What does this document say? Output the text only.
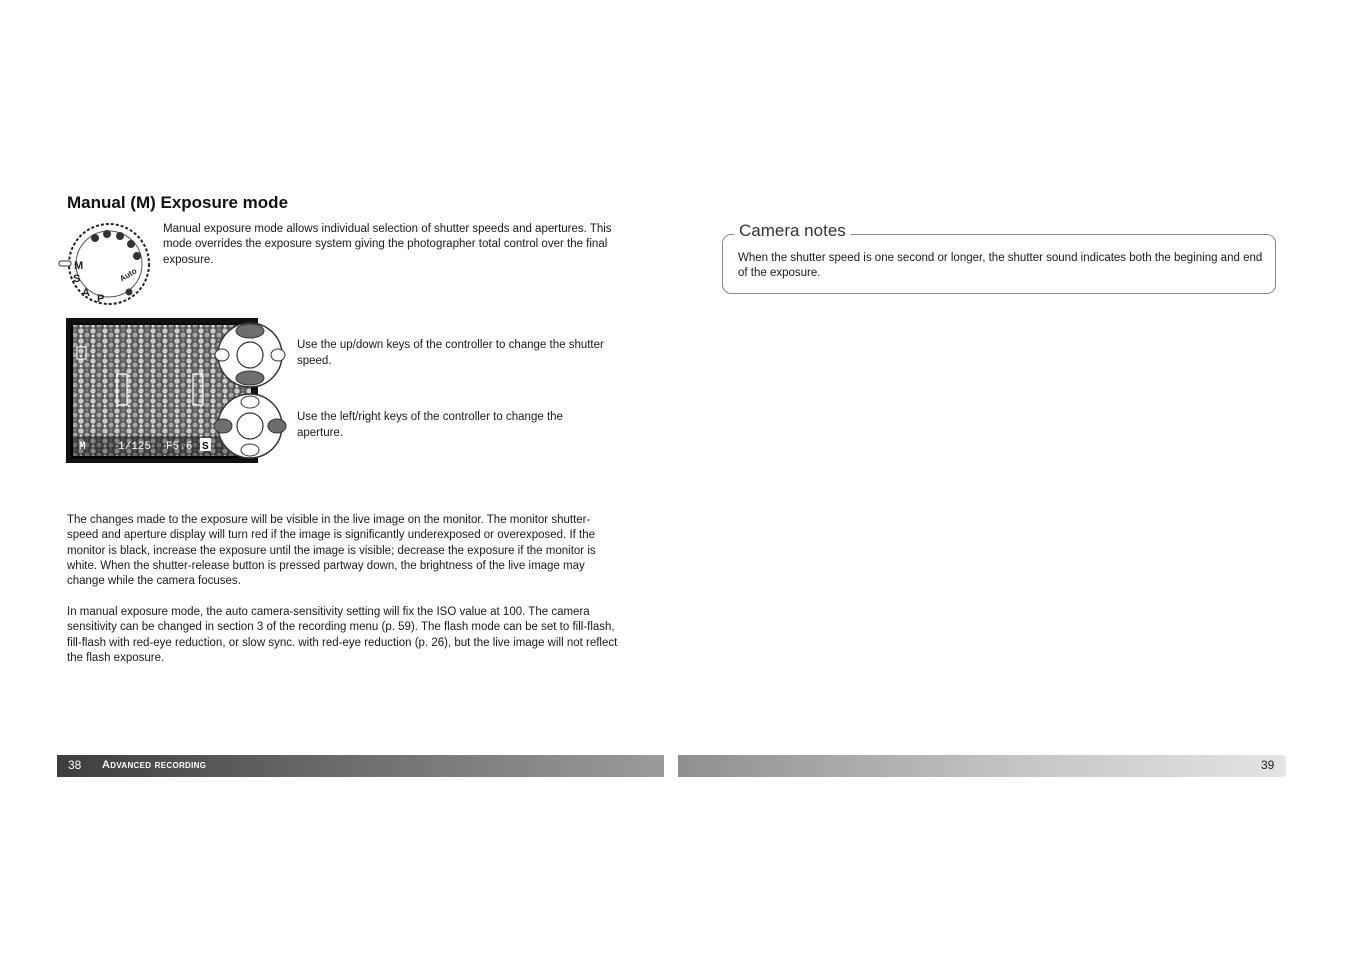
Manual (M) Exposure mode
M
S
A P
Auto
Manual exposure mode allows individual selection of shutter speeds and apertures. This mode overrides the exposure system giving the photographer total control over the final exposure.
M	1/125 F5.6 S
Use the up/down keys of the controller to change the shutter speed.
Use the left/right keys of the controller to change the aperture.
The changes made to the exposure will be visible in the live image on the monitor. The monitor shutter-speed and aperture display will turn red if the image is significantly underexposed or overexposed. If the monitor is black, increase the exposure until the image is visible; decrease the exposure if the monitor is white. When the shutter-release button is pressed partway down, the brightness of the live image may change while the camera focuses.
In manual exposure mode, the auto camera-sensitivity setting will fix the ISO value at 100. The camera sensitivity can be changed in section 3 of the recording menu (p. 59). The flash mode can be set to fill-flash, fill-flash with red-eye reduction, or slow sync. with red-eye reduction (p. 26), but the live image will not reflect the flash exposure.
38 Advanced recording
Camera notes
When the shutter speed is one second or longer, the shutter sound indicates both the begining and end of the exposure.
39
